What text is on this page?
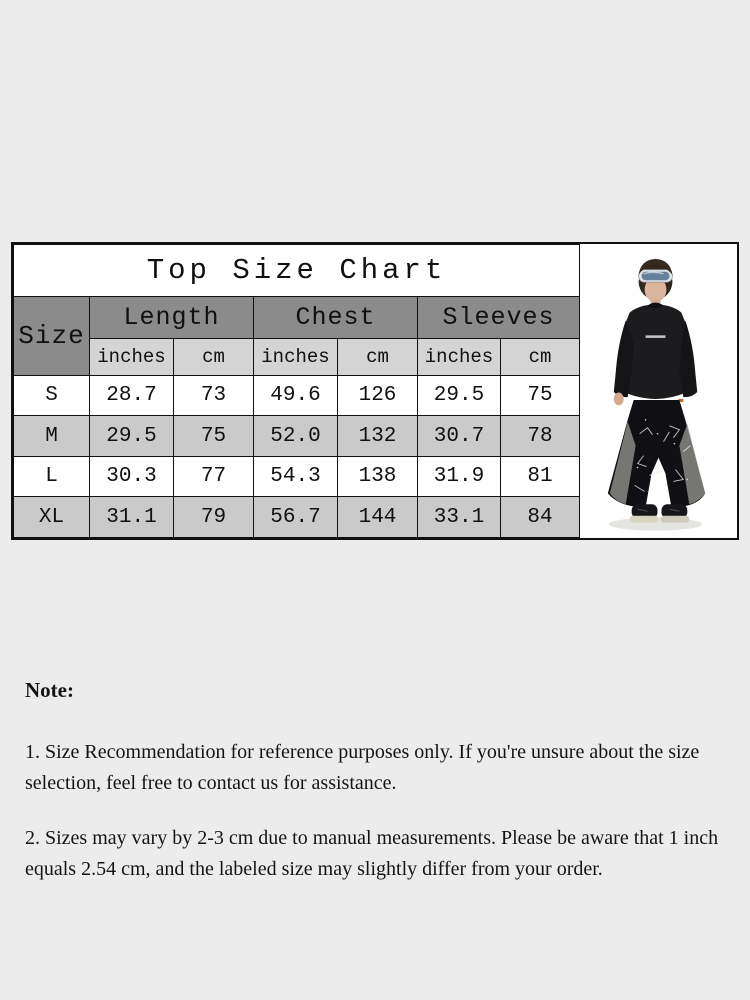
Top Size Chart						
Size	Length		Chest		Sleeves	
	inches	cm	inches	cm	inches	cm
S	28.7	73	49.6	126	29.5	75
M	29.5	75	52.0	132	30.7	78
L	30.3	77	54.3	138	31.9	81
XL	31.1	79	56.7	144	33.1	84
Note:

1. Size Recommendation for reference purposes only. If you're unsure about the size selection, feel free to contact us for assistance.

2. Sizes may vary by 2-3 cm due to manual measurements. Please be aware that 1 inch equals 2.54 cm, and the labeled size may slightly differ from your order.
